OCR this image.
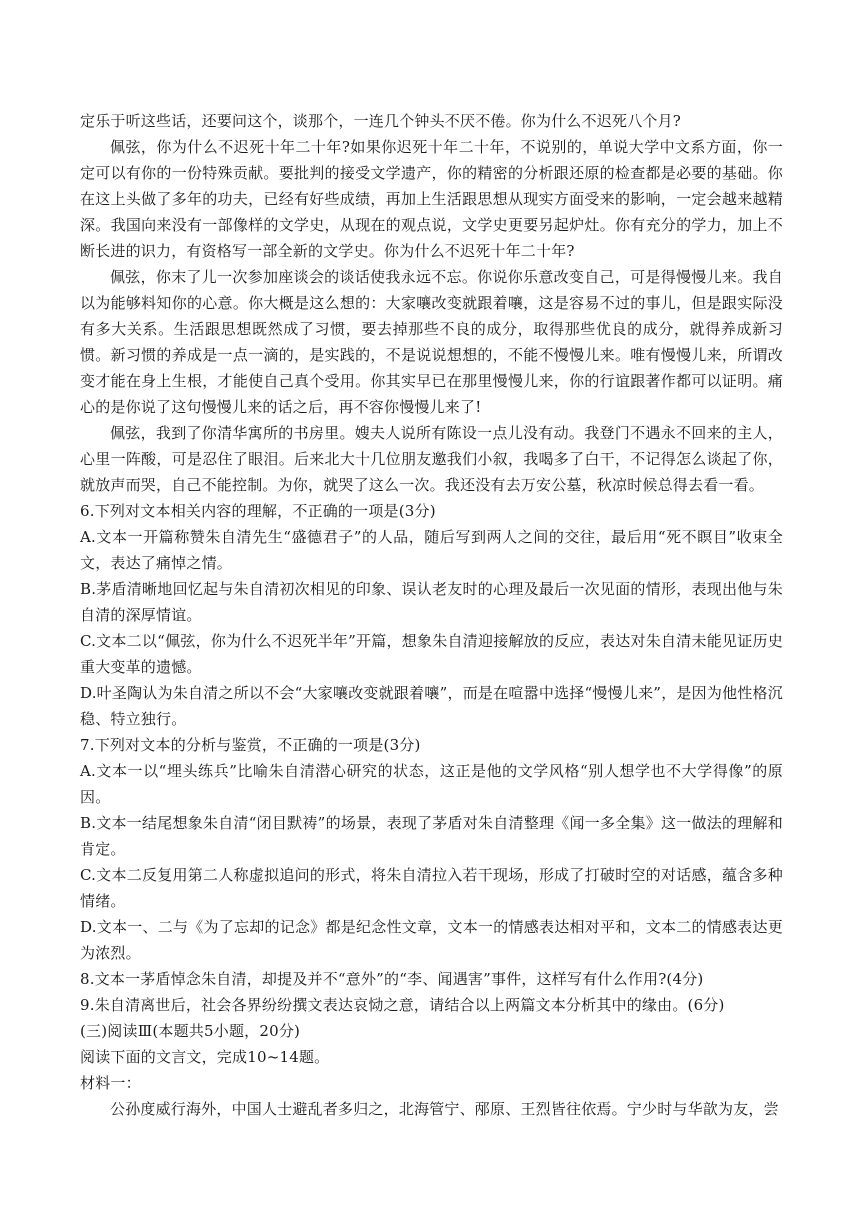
定乐于听这些话，还要问这个，谈那个，一连几个钟头不厌不倦。你为什么不迟死八个月?

佩弦，你为什么不迟死十年二十年?如果你迟死十年二十年，不说别的，单说大学中文系方面，你一定可以有你的一份特殊贡献。要批判的接受文学遗产，你的精密的分析跟还原的检查都是必要的基础。你在这上头做了多年的功夫，已经有好些成绩，再加上生活跟思想从现实方面受来的影响，一定会越来越精深。我国向来没有一部像样的文学史，从现在的观点说，文学史更要另起炉灶。你有充分的学力，加上不断长进的识力，有资格写一部全新的文学史。你为什么不迟死十年二十年?

佩弦，你末了儿一次参加座谈会的谈话使我永远不忘。你说你乐意改变自己，可是得慢慢儿来。我自以为能够料知你的心意。你大概是这么想的：大家嚷改变就跟着嚷，这是容易不过的事儿，但是跟实际没有多大关系。生活跟思想既然成了习惯，要去掉那些不良的成分，取得那些优良的成分，就得养成新习惯。新习惯的养成是一点一滴的，是实践的，不是说说想想的，不能不慢慢儿来。唯有慢慢儿来，所谓改变才能在身上生根，才能使自己真个受用。你其实早已在那里慢慢儿来，你的行谊跟著作都可以证明。痛心的是你说了这句慢慢儿来的话之后，再不容你慢慢儿来了!

佩弦，我到了你清华寓所的书房里。嫂夫人说所有陈设一点儿没有动。我登门不遇永不回来的主人，心里一阵酸，可是忍住了眼泪。后来北大十几位朋友邀我们小叙，我喝多了白干，不记得怎么谈起了你，就放声而哭，自己不能控制。为你，就哭了这么一次。我还没有去万安公墓，秋凉时候总得去看一看。

6.下列对文本相关内容的理解，不正确的一项是(3分)

A.文本一开篇称赞朱自清先生“盛德君子”的人品，随后写到两人之间的交往，最后用“死不瞑目”收束全文，表达了痛悼之情。

B.茅盾清晰地回忆起与朱自清初次相见的印象、误认老友时的心理及最后一次见面的情形，表现出他与朱自清的深厚情谊。

C.文本二以“佩弦，你为什么不迟死半年”开篇，想象朱自清迎接解放的反应，表达对朱自清未能见证历史重大变革的遗憾。

D.叶圣陶认为朱自清之所以不会“大家嚷改变就跟着嚷”，而是在喧嚣中选择“慢慢儿来”，是因为他性格沉稳、特立独行。

7.下列对文本的分析与鉴赏，不正确的一项是(3分)

A.文本一以“埋头练兵”比喻朱自清潜心研究的状态，这正是他的文学风格“别人想学也不大学得像”的原因。

B.文本一结尾想象朱自清“闭目默祷”的场景，表现了茅盾对朱自清整理《闻一多全集》这一做法的理解和肯定。

C.文本二反复用第二人称虚拟追问的形式，将朱自清拉入若干现场，形成了打破时空的对话感，蕴含多种情绪。

D.文本一、二与《为了忘却的记念》都是纪念性文章，文本一的情感表达相对平和，文本二的情感表达更为浓烈。

8.文本一茅盾悼念朱自清，却提及并不“意外”的“李、闻遇害”事件，这样写有什么作用?(4分)

9.朱自清离世后，社会各界纷纷撰文表达哀恸之意，请结合以上两篇文本分析其中的缘由。(6分)

(三)阅读Ⅲ(本题共5小题，20分)

阅读下面的文言文，完成10~14题。

材料一：

公孙度威行海外，中国人士避乱者多归之，北海管宁、邴原、王烈皆往依焉。宁少时与华歆为友，尝
